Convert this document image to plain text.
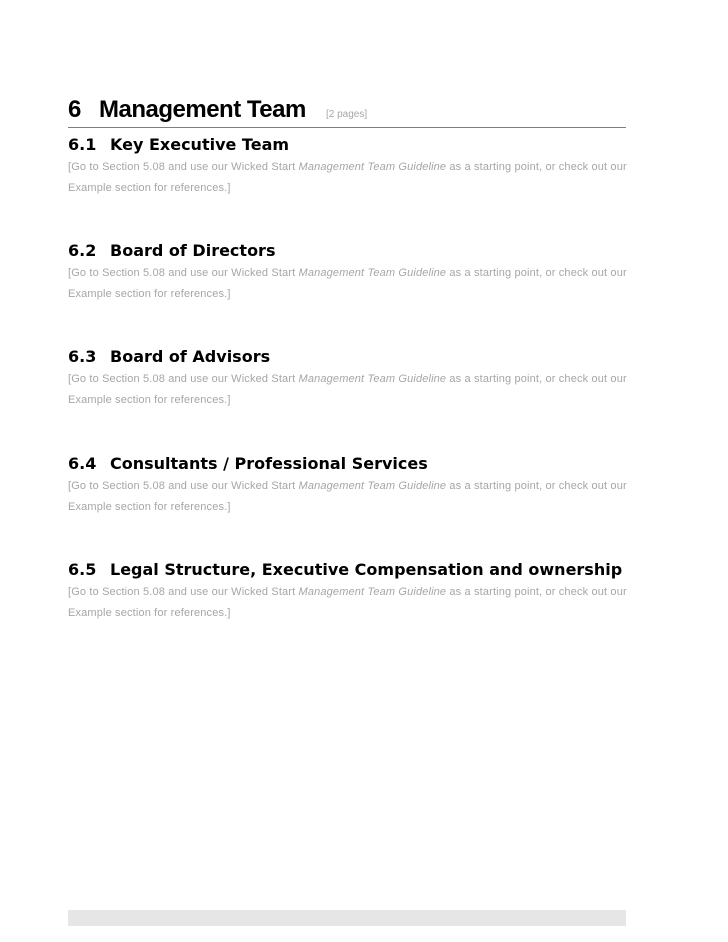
6 Management Team [2 pages]
6.1 Key Executive Team
[Go to Section 5.08 and use our Wicked Start Management Team Guideline as a starting point, or check out our Example section for references.]
6.2 Board of Directors
[Go to Section 5.08 and use our Wicked Start Management Team Guideline as a starting point, or check out our Example section for references.]
6.3 Board of Advisors
[Go to Section 5.08 and use our Wicked Start Management Team Guideline as a starting point, or check out our Example section for references.]
6.4 Consultants / Professional Services
[Go to Section 5.08 and use our Wicked Start Management Team Guideline as a starting point, or check out our Example section for references.]
6.5 Legal Structure, Executive Compensation and ownership
[Go to Section 5.08 and use our Wicked Start Management Team Guideline as a starting point, or check out our Example section for references.]
